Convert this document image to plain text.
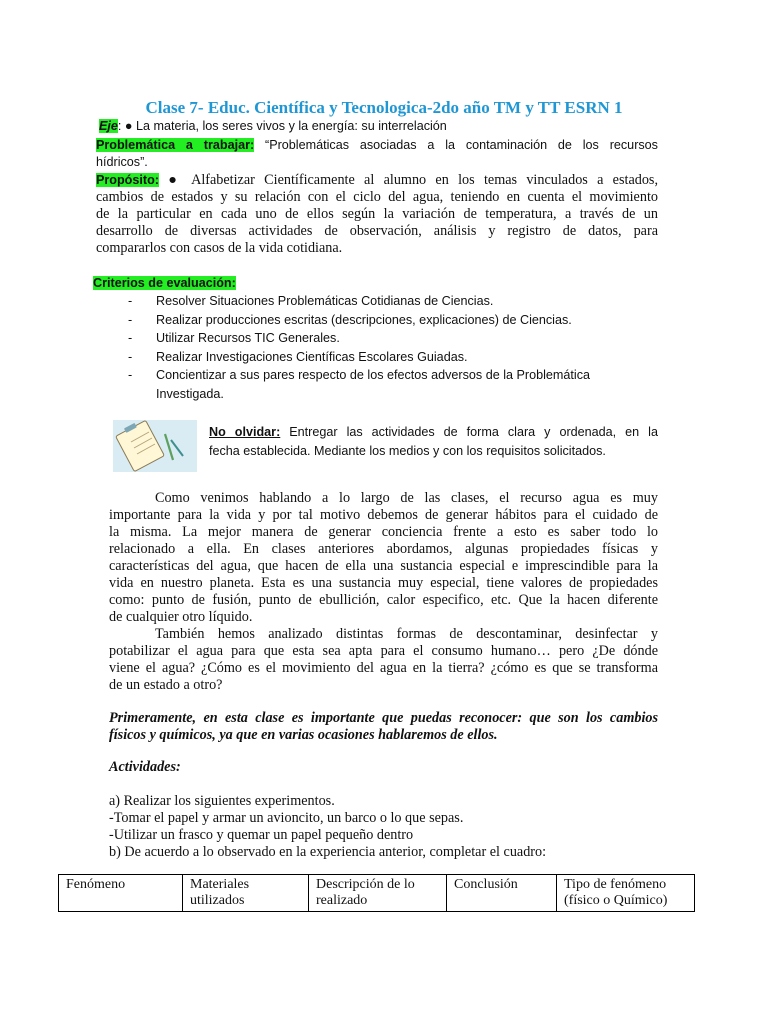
Clase 7- Educ. Científica y Tecnologica-2do año TM y TT ESRN 1
Eje: ● La materia, los seres vivos y la energía: su interrelación
Problemática a trabajar: “Problemáticas asociadas a la contaminación de los recursos
hídricos”.
Propósito: ● Alfabetizar Científicamente al alumno en los temas vinculados a estados,
cambios de estados y su relación con el ciclo del agua, teniendo en cuenta el movimiento
de la particular en cada uno de ellos según la variación de temperatura, a través de un
desarrollo de diversas actividades de observación, análisis y registro de datos, para
compararlos con casos de la vida cotidiana.
Criterios de evaluación:
- Resolver Situaciones Problemáticas Cotidianas de Ciencias.
- Realizar producciones escritas (descripciones, explicaciones) de Ciencias.
- Utilizar Recursos TIC Generales.
- Realizar Investigaciones Científicas Escolares Guiadas.
- Concientizar a sus pares respecto de los efectos adversos de la Problemática
Investigada.
No olvidar: Entregar las actividades de forma clara y ordenada, en la
fecha establecida. Mediante los medios y con los requisitos solicitados.
Como venimos hablando a lo largo de las clases, el recurso agua es muy
importante para la vida y por tal motivo debemos de generar hábitos para el cuidado de
la misma. La mejor manera de generar conciencia frente a esto es saber todo lo
relacionado a ella. En clases anteriores abordamos, algunas propiedades físicas y
características del agua, que hacen de ella una sustancia especial e imprescindible para la
vida en nuestro planeta. Esta es una sustancia muy especial, tiene valores de propiedades
como: punto de fusión, punto de ebullición, calor especifico, etc. Que la hacen diferente
de cualquier otro líquido.
También hemos analizado distintas formas de descontaminar, desinfectar y
potabilizar el agua para que esta sea apta para el consumo humano… pero ¿De dónde
viene el agua? ¿Cómo es el movimiento del agua en la tierra? ¿cómo es que se transforma
de un estado a otro?
Primeramente, en esta clase es importante que puedas reconocer: que son los cambios
físicos y químicos, ya que en varias ocasiones hablaremos de ellos.
Actividades:
a) Realizar los siguientes experimentos.
-Tomar el papel y armar un avioncito, un barco o lo que sepas.
-Utilizar un frasco y quemar un papel pequeño dentro
b) De acuerdo a lo observado en la experiencia anterior, completar el cuadro:
Fenómeno	Materiales utilizados	Descripción de lo realizado	Conclusión	Tipo de fenómeno (físico o Químico)
